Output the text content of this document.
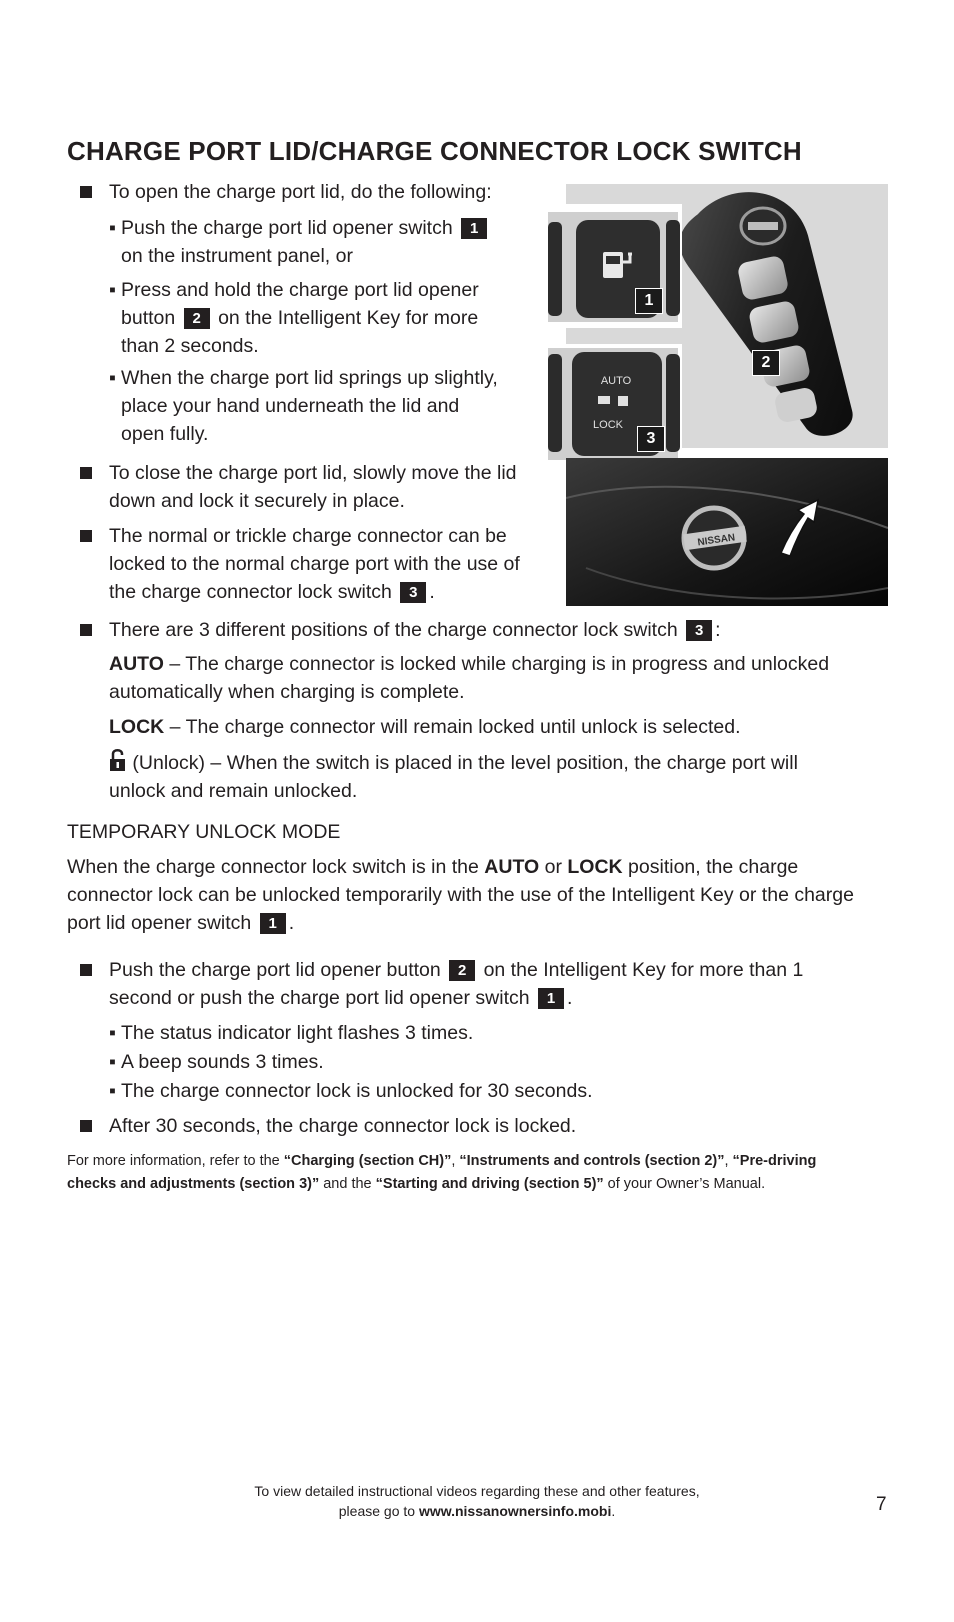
CHARGE PORT LID/CHARGE CONNECTOR LOCK SWITCH
To open the charge port lid, do the following:
▪ Push the charge port lid opener switch 1
on the instrument panel, or
▪ Press and hold the charge port lid opener
button 2 on the Intelligent Key for more
than 2 seconds.
▪ When the charge port lid springs up slightly,
place your hand underneath the lid and
open fully.
To close the charge port lid, slowly move the lid
down and lock it securely in place.
The normal or trickle charge connector can be
locked to the normal charge port with the use of
the charge connector lock switch 3 .
AUTO
LOCK
NISSAN
1
2
3
There are 3 different positions of the charge connector lock switch 3 :
AUTO – The charge connector is locked while charging is in progress and unlocked
automatically when charging is complete.
LOCK – The charge connector will remain locked until unlock is selected.
(Unlock) – When the switch is placed in the level position, the charge port will
unlock and remain unlocked.
TEMPORARY UNLOCK MODE
When the charge connector lock switch is in the AUTO or LOCK position, the charge
connector lock can be unlocked temporarily with the use of the Intelligent Key or the charge
port lid opener switch 1 .
Push the charge port lid opener button 2 on the Intelligent Key for more than 1
second or push the charge port lid opener switch 1 .
▪ The status indicator light flashes 3 times.
▪ A beep sounds 3 times.
▪ The charge connector lock is unlocked for 30 seconds.
After 30 seconds, the charge connector lock is locked.
For more information, refer to the “Charging (section CH)”, “Instruments and controls (section 2)”, “Pre-driving
checks and adjustments (section 3)” and the “Starting and driving (section 5)” of your Owner’s Manual.
To view detailed instructional videos regarding these and other features,
please go to www.nissanownersinfo.mobi.	7
